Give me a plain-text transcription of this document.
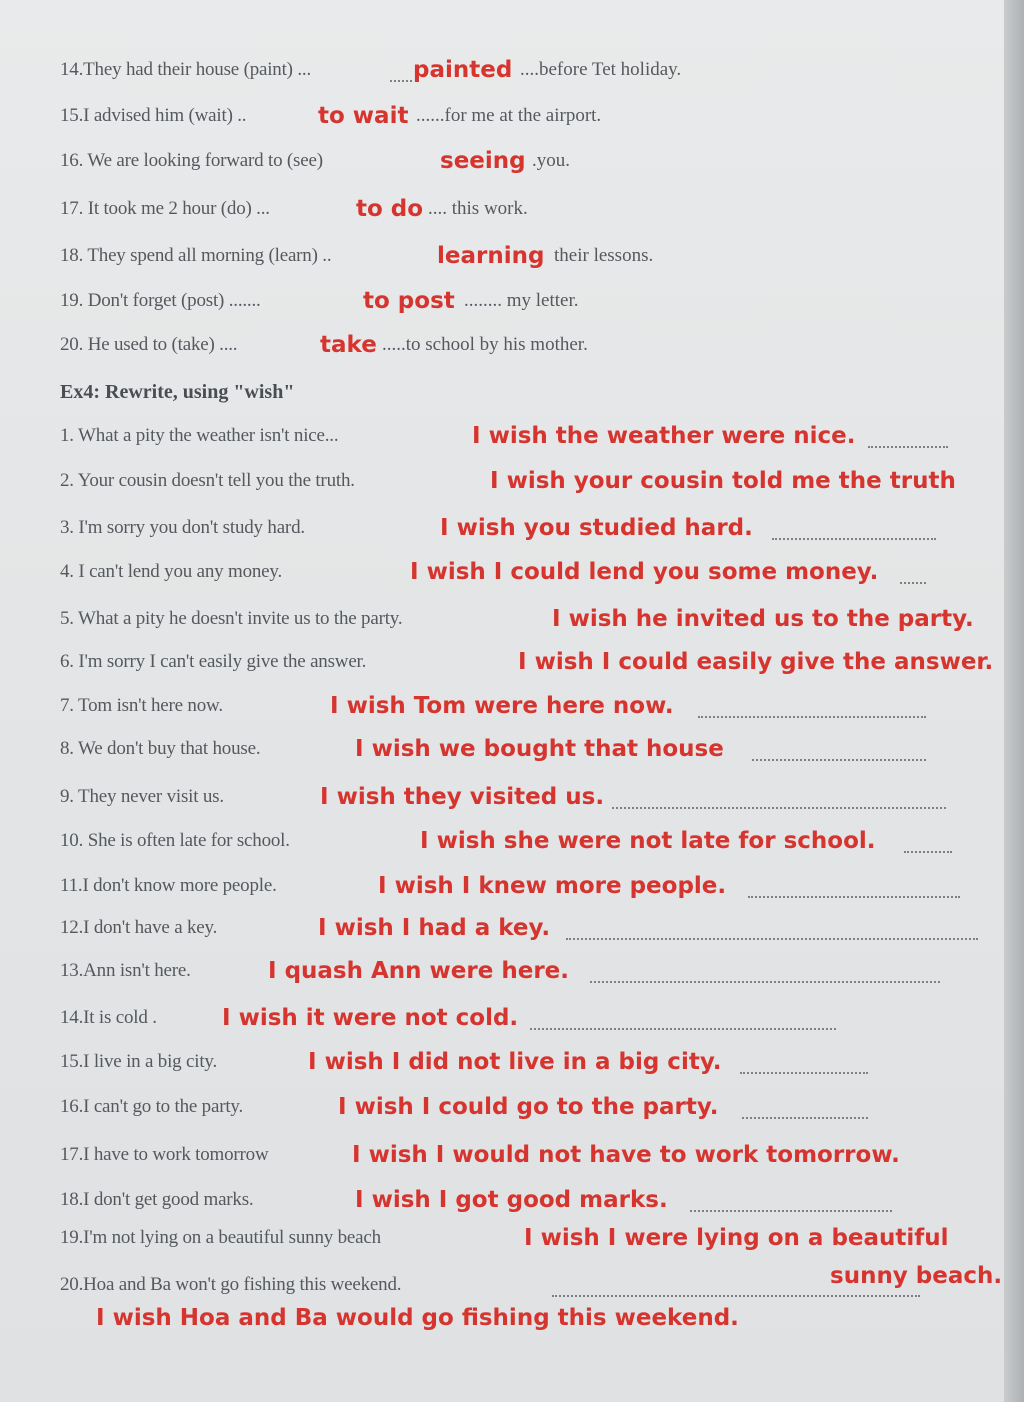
14.They had their house (paint) ...	painted ....before Tet holiday.
15.I advised him (wait) ..	to wait ......for me at the airport.
16. We are looking forward to (see)	seeing .you.
17. It took me 2 hour (do) ...	to do .... this work.
18. They spend all morning (learn) ..	learning their lessons.
19. Don't forget (post) .......	to post ........ my letter.
20. He used to (take) ....	take .....to school by his mother.
Ex4: Rewrite, using "wish"
1. What a pity the weather isn't nice...	I wish the weather were nice.
2. Your cousin doesn't tell you the truth.	I wish your cousin told me the truth
3. I'm sorry you don't study hard.	I wish you studied hard.
4. I can't lend you any money.	I wish I could lend you some money.
5. What a pity he doesn't invite us to the party.	I wish he invited us to the party.
6. I'm sorry I can't easily give the answer.	I wish I could easily give the answer.
7. Tom isn't here now.	I wish Tom were here now.
8. We don't buy that house.	I wish we bought that house
9. They never visit us.	I wish they visited us.
10. She is often late for school.	I wish she were not late for school.
11.I don't know more people.	I wish I knew more people.
12.I don't have a key.	I wish I had a key.
13.Ann isn't here.	I quash Ann were here.
14.It is cold .	I wish it were not cold.
15.I live in a big city.	I wish I did not live in a big city.
16.I can't go to the party.	I wish I could go to the party.
17.I have to work tomorrow	I wish I would not have to work tomorrow.
18.I don't get good marks.	I wish I got good marks.
19.I'm not lying on a beautiful sunny beach	I wish I were lying on a beautiful
sunny beach.
20.Hoa and Ba won't go fishing this weekend.
I wish Hoa and Ba would go fishing this weekend.
